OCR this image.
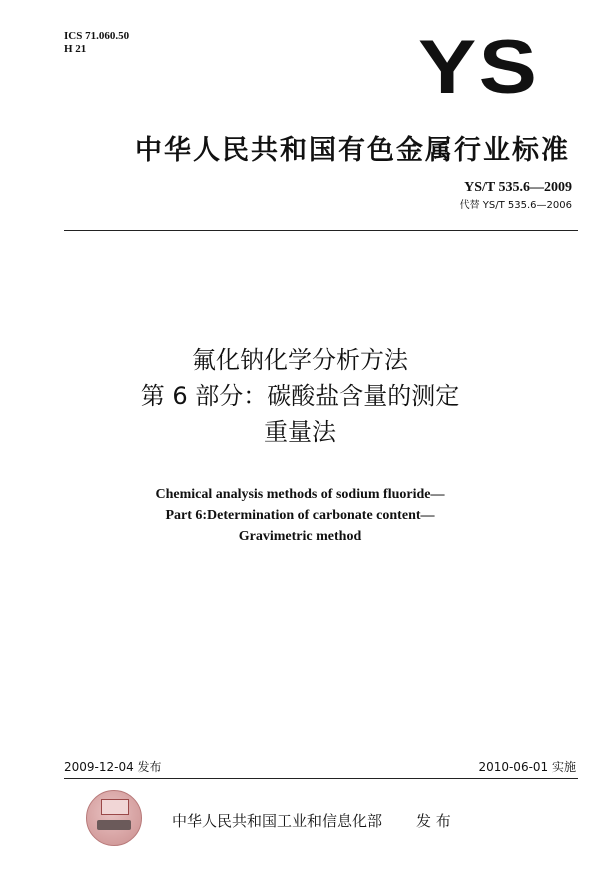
ICS 71.060.50
H 21	YS
中华人民共和国有色金属行业标准
YS/T 535.6—2009
代替 YS/T 535.6—2006
氟化钠化学分析方法
第 6 部分：碳酸盐含量的测定
重量法
Chemical analysis methods of sodium fluoride—
Part 6:Determination of carbonate content—
Gravimetric method
2009-12-04 发布	2010-06-01 实施
中华人民共和国工业和信息化部 发 布
